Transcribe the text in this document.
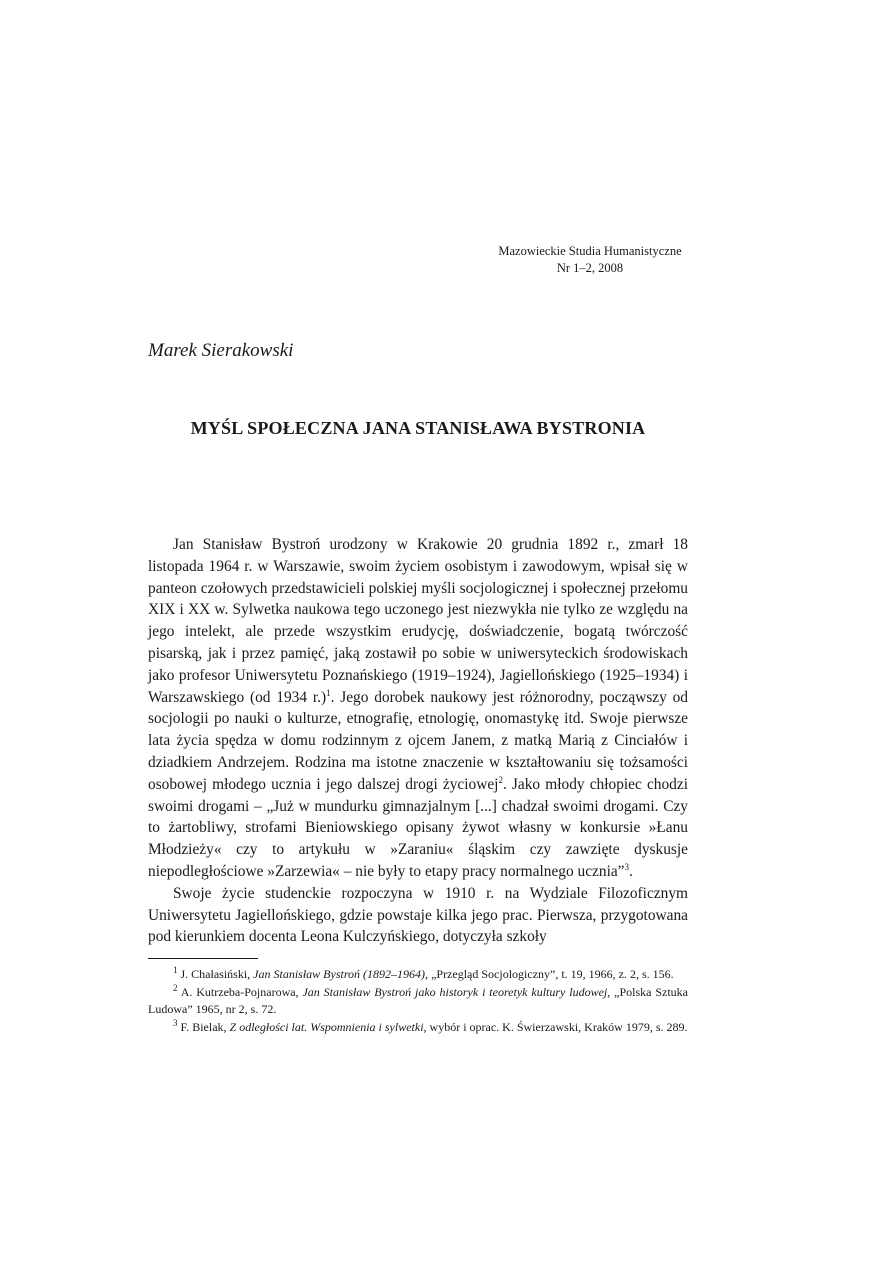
Mazowieckie Studia Humanistyczne
Nr 1–2, 2008
Marek Sierakowski
MYŚL SPOŁECZNA JANA STANISŁAWA BYSTRONIA

Jan Stanisław Bystroń urodzony w Krakowie 20 grudnia 1892 r., zmarł 18 listopada 1964 r. w Warszawie, swoim życiem osobistym i zawodowym, wpisał się w panteon czołowych przedstawicieli polskiej myśli socjologicznej i społecznej przełomu XIX i XX w. Sylwetka naukowa tego uczonego jest niezwykła nie tylko ze względu na jego intelekt, ale przede wszystkim erudycję, doświadczenie, bogatą twórczość pisarską, jak i przez pamięć, jaką zostawił po sobie w uniwersyteckich środowiskach jako profesor Uniwersytetu Poznańskiego (1919–1924), Jagiellońskiego (1925–1934) i Warszawskiego (od 1934 r.)$^1$. Jego dorobek naukowy jest różnorodny, począwszy od socjologii po nauki o kulturze, etnografię, etnologię, onomastykę itd. Swoje pierwsze lata życia spędza w domu rodzinnym z ojcem Janem, z matką Marią z Cinciałów i dziadkiem Andrzejem. Rodzina ma istotne znaczenie w kształtowaniu się tożsamości osobowej młodego ucznia i jego dalszej drogi życiowej$^2$. Jako młody chłopiec chodzi swoimi drogami – „Już w mundurku gimnazjalnym [...] chadzał swoimi drogami. Czy to żartobliwy, strofami Bieniowskiego opisany żywot własny w konkursie »Łanu Młodzieży« czy to artykułu w »Zaraniu« śląskim czy zawzięte dyskusje niepodległościowe »Zarzewia« – nie były to etapy pracy normalnego ucznia”$^3$.

Swoje życie studenckie rozpoczyna w 1910 r. na Wydziale Filozoficznym Uniwersytetu Jagiellońskiego, gdzie powstaje kilka jego prac. Pierwsza, przygotowana pod kierunkiem docenta Leona Kulczyńskiego, dotyczyła szkoły

$^1$ J. Chałasiński, Jan Stanisław Bystroń (1892–1964), „Przegląd Socjologiczny”, t. 19, 1966, z. 2, s. 156.

$^2$ A. Kutrzeba-Pojnarowa, Jan Stanisław Bystroń jako historyk i teoretyk kultury ludowej, „Polska Sztuka Ludowa” 1965, nr 2, s. 72.

$^3$ F. Bielak, Z odległości lat. Wspomnienia i sylwetki, wybór i oprac. K. Świerzawski, Kraków 1979, s. 289.
